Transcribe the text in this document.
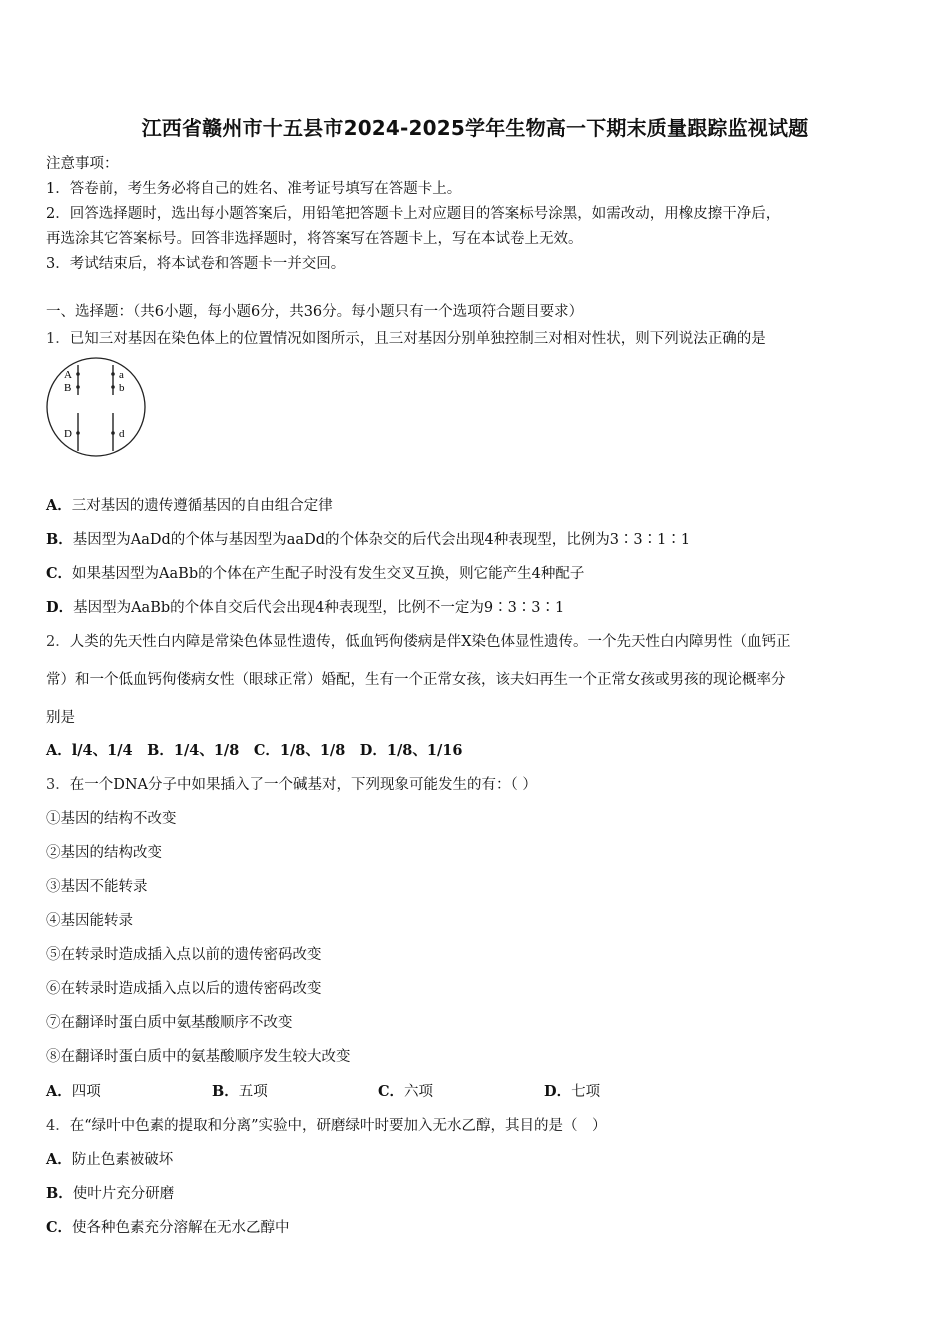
江西省赣州市十五县市2024-2025学年生物高一下期末质量跟踪监视试题
注意事项：
1．答卷前，考生务必将自己的姓名、准考证号填写在答题卡上。
2．回答选择题时，选出每小题答案后，用铅笔把答题卡上对应题目的答案标号涂黑，如需改动，用橡皮擦干净后，
再选涂其它答案标号。回答非选择题时，将答案写在答题卡上，写在本试卷上无效。
3．考试结束后，将本试卷和答题卡一并交回。
一、选择题：（共6小题，每小题6分，共36分。每小题只有一个选项符合题目要求）
1．已知三对基因在染色体上的位置情况如图所示，且三对基因分别单独控制三对相对性状，则下列说法正确的是
A
B
a
b
D	d
A．三对基因的遗传遵循基因的自由组合定律
B．基因型为AaDd的个体与基因型为aaDd的个体杂交的后代会出现4种表现型，比例为3∶3∶1∶1
C．如果基因型为AaBb的个体在产生配子时没有发生交叉互换，则它能产生4种配子
D．基因型为AaBb的个体自交后代会出现4种表现型，比例不一定为9∶3∶3∶1
2．人类的先天性白内障是常染色体显性遗传，低血钙佝偻病是伴X染色体显性遗传。一个先天性白内障男性（血钙正
常）和一个低血钙佝偻病女性（眼球正常）婚配，生有一个正常女孩，该夫妇再生一个正常女孩或男孩的现论概率分
别是
A．l/4、1/4　B．1/4、1/8　C．1/8、1/8　D．1/8、1/16
3．在一个DNA分子中如果插入了一个碱基对，下列现象可能发生的有：（ ）
①基因的结构不改变
②基因的结构改变
③基因不能转录
④基因能转录
⑤在转录时造成插入点以前的遗传密码改变
⑥在转录时造成插入点以后的遗传密码改变
⑦在翻译时蛋白质中氨基酸顺序不改变
⑧在翻译时蛋白质中的氨基酸顺序发生较大改变
A．四项	B．五项	C．六项	D．七项
4．在“绿叶中色素的提取和分离”实验中，研磨绿叶时要加入无水乙醇，其目的是（　）
A．防止色素被破坏
B．使叶片充分研磨
C．使各种色素充分溶解在无水乙醇中
